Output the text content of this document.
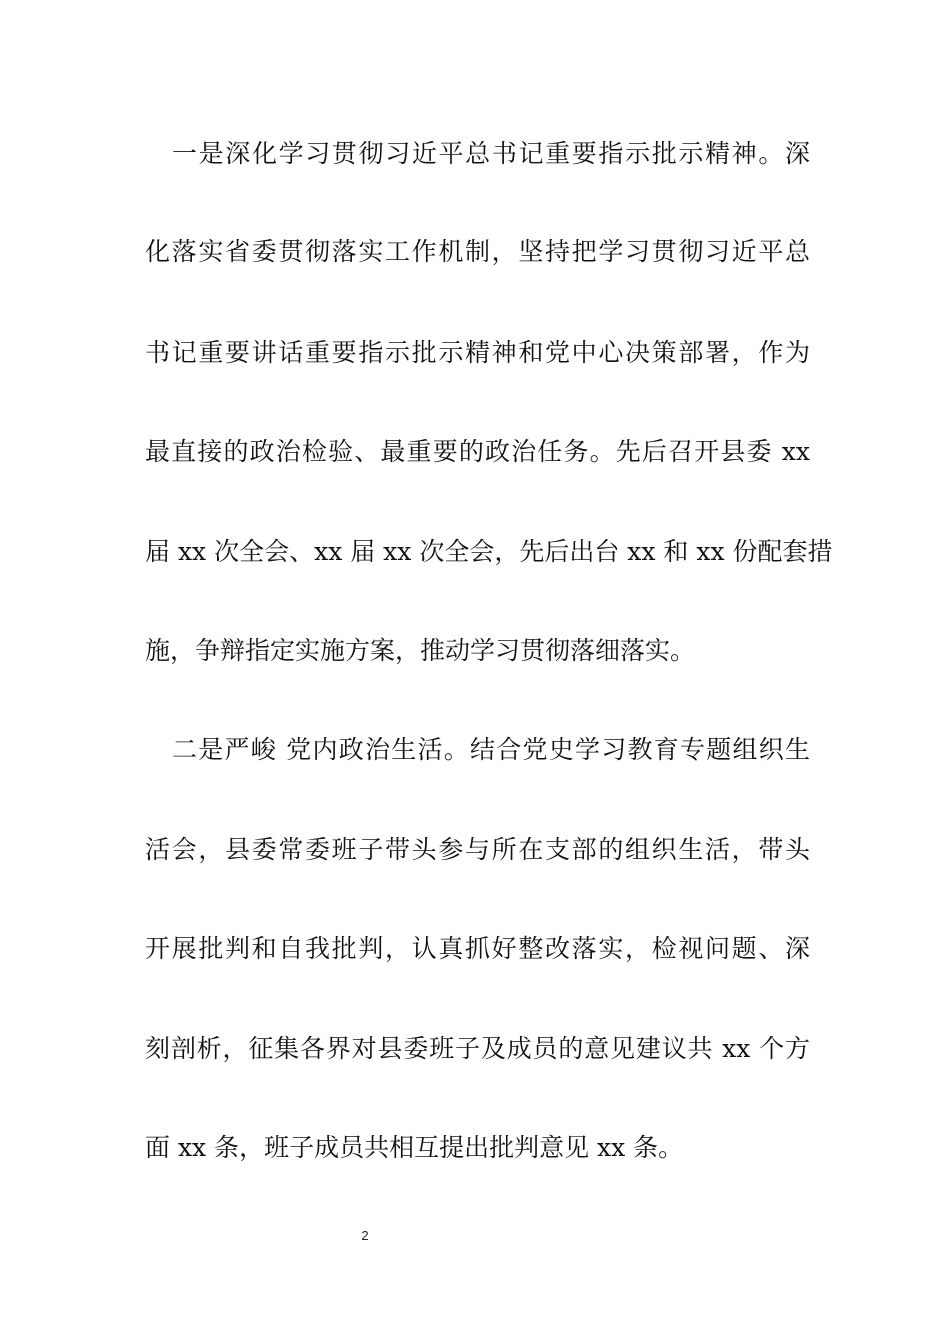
一是深化学习贯彻习近平总书记重要指示批示精神。深
化落实省委贯彻落实工作机制，坚持把学习贯彻习近平总
书记重要讲话重要指示批示精神和党中心决策部署，作为
最直接的政治检验、最重要的政治任务。先后召开县委 xx
届 xx 次全会、xx 届 xx 次全会，先后出台 xx 和 xx 份配套措
施，争辩指定实施方案，推动学习贯彻落细落实。
二是严峻 党内政治生活。结合党史学习教育专题组织生
活会，县委常委班子带头参与所在支部的组织生活，带头
开展批判和自我批判，认真抓好整改落实，检视问题、深
刻剖析，征集各界对县委班子及成员的意见建议共 xx 个方
面 xx 条，班子成员共相互提出批判意见 xx 条。
2
